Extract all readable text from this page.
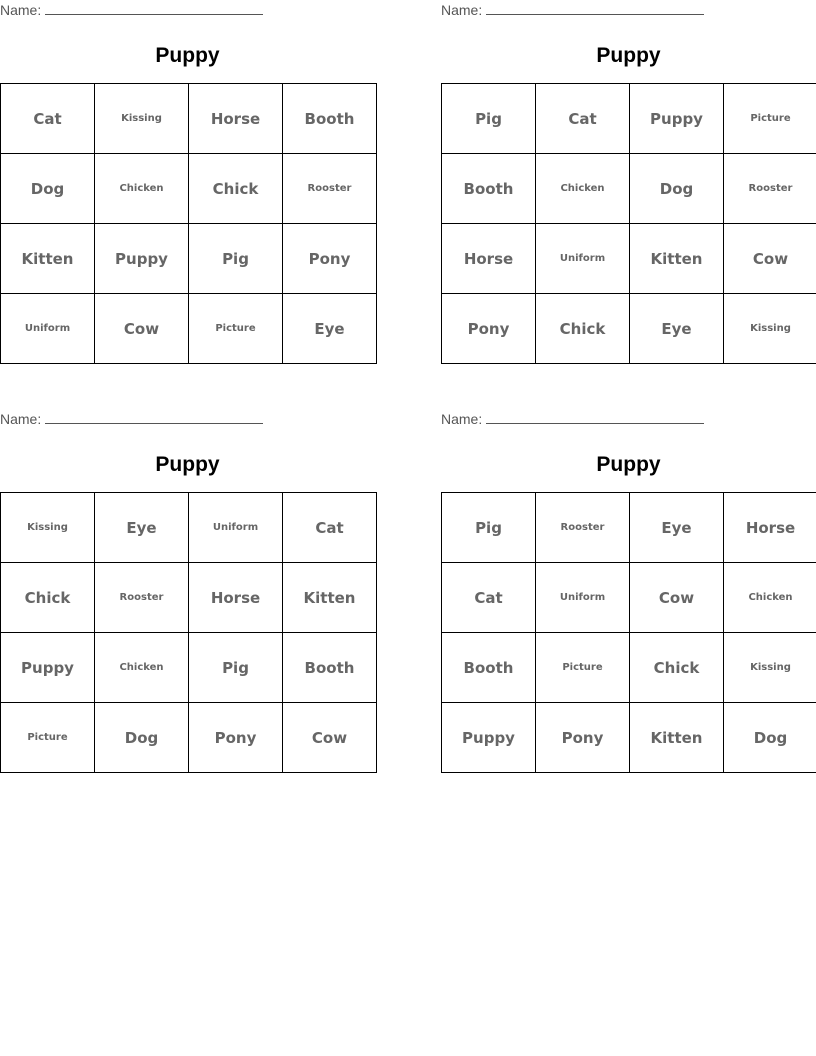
Name:
Puppy
Cat	Kissing	Horse	Booth
Dog	Chicken	Chick	Rooster
Kitten	Puppy	Pig	Pony
Uniform	Cow	Picture	Eye
Name:
Puppy
Pig	Cat	Puppy	Picture
Booth	Chicken	Dog	Rooster
Horse	Uniform	Kitten	Cow
Pony	Chick	Eye	Kissing
Name:
Puppy
Kissing	Eye	Uniform	Cat
Chick	Rooster	Horse	Kitten
Puppy	Chicken	Pig	Booth
Picture	Dog	Pony	Cow
Name:
Puppy
Pig	Rooster	Eye	Horse
Cat	Uniform	Cow	Chicken
Booth	Picture	Chick	Kissing
Puppy	Pony	Kitten	Dog
